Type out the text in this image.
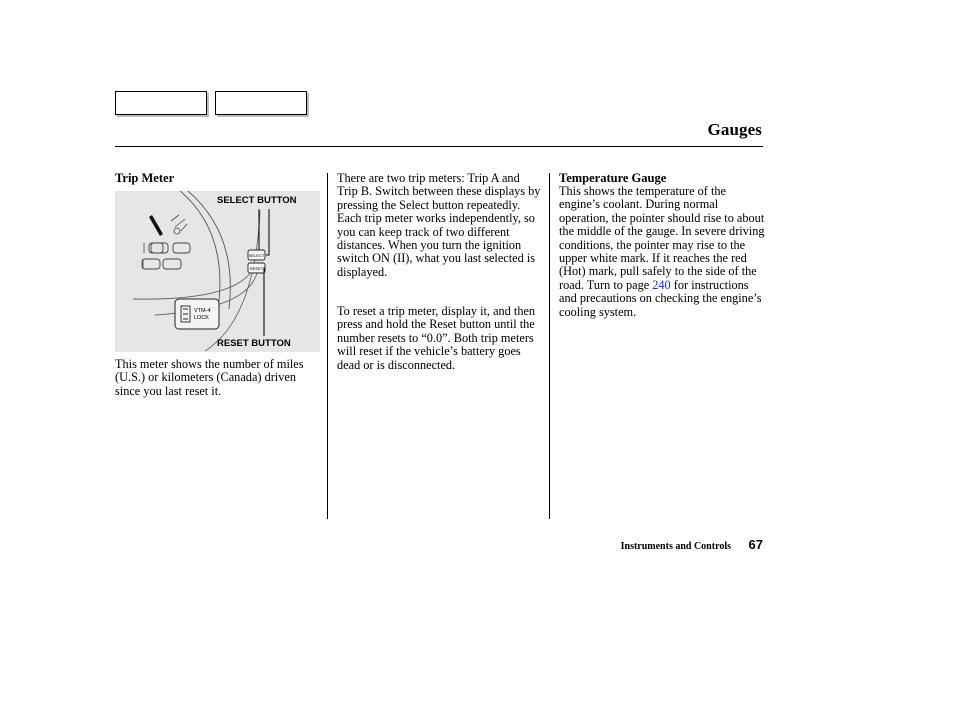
Gauges
Trip Meter
SELECT
RESET
VTM-4
LOCK
SELECT BUTTON
RESET BUTTON

This meter shows the number of miles (U.S.) or kilometers (Canada) driven since you last reset it.

There are two trip meters: Trip A and Trip B. Switch between these displays by pressing the Select button repeatedly. Each trip meter works independently, so you can keep track of two different distances. When you turn the ignition switch ON (II), what you last selected is displayed.

To reset a trip meter, display it, and then press and hold the Reset button until the number resets to “0.0”. Both trip meters will reset if the vehicle’s battery goes dead or is disconnected.

Temperature Gauge

This shows the temperature of the engine’s coolant. During normal operation, the pointer should rise to about the middle of the gauge. In severe driving conditions, the pointer may rise to the upper white mark. If it reaches the red (Hot) mark, pull safely to the side of the road. Turn to page 240 for instructions and precautions on checking the engine’s cooling system.

Instruments and Controls 67
